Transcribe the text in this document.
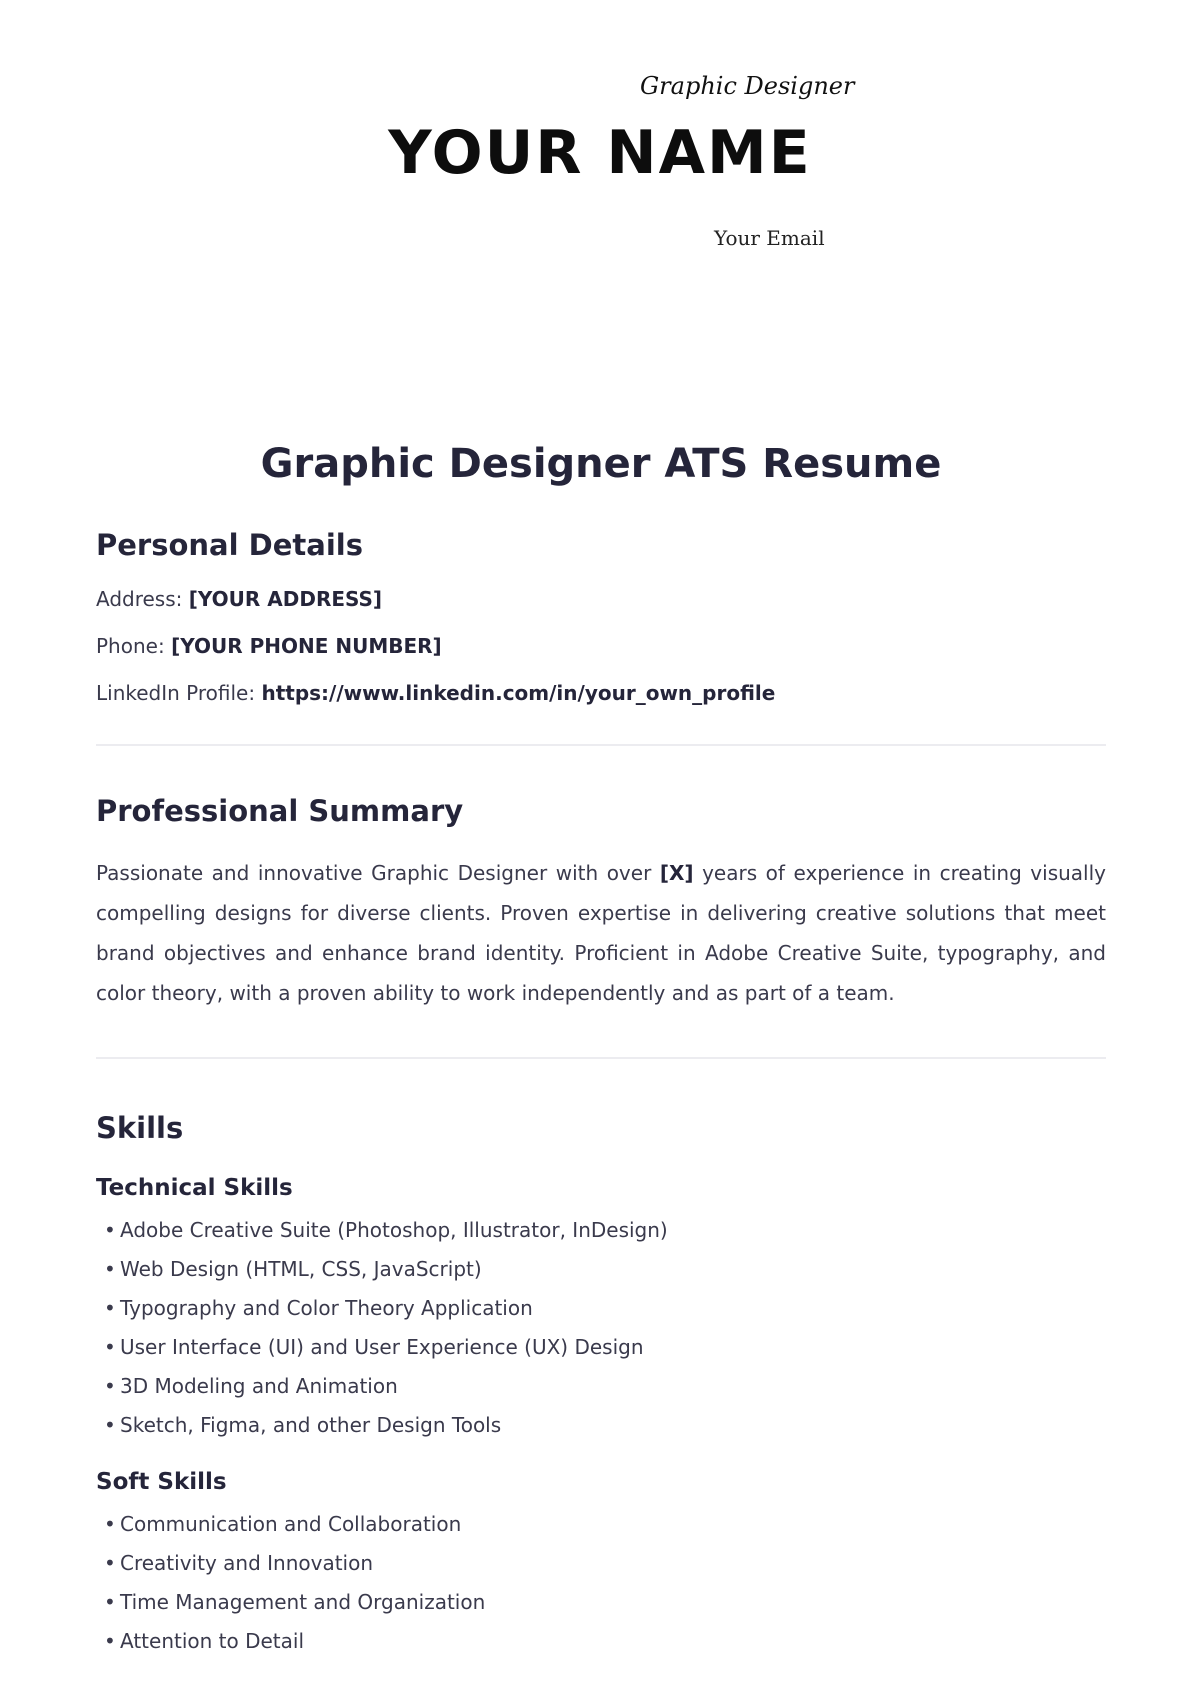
Graphic Designer
YOUR NAME
Your Email
Graphic Designer ATS Resume
Personal Details

Address: [YOUR ADDRESS]

Phone: [YOUR PHONE NUMBER]

LinkedIn Profile: https://www.linkedin.com/in/your_own_profile

Professional Summary

Passionate and innovative Graphic Designer with over [X] years of experience in creating visually compelling designs for diverse clients. Proven expertise in delivering creative solutions that meet brand objectives and enhance brand identity. Proficient in Adobe Creative Suite, typography, and color theory, with a proven ability to work independently and as part of a team.

Skills
Technical Skills
• Adobe Creative Suite (Photoshop, Illustrator, InDesign)
• Web Design (HTML, CSS, JavaScript)
• Typography and Color Theory Application
• User Interface (UI) and User Experience (UX) Design
• 3D Modeling and Animation
• Sketch, Figma, and other Design Tools
Soft Skills
• Communication and Collaboration
• Creativity and Innovation
• Time Management and Organization
• Attention to Detail
